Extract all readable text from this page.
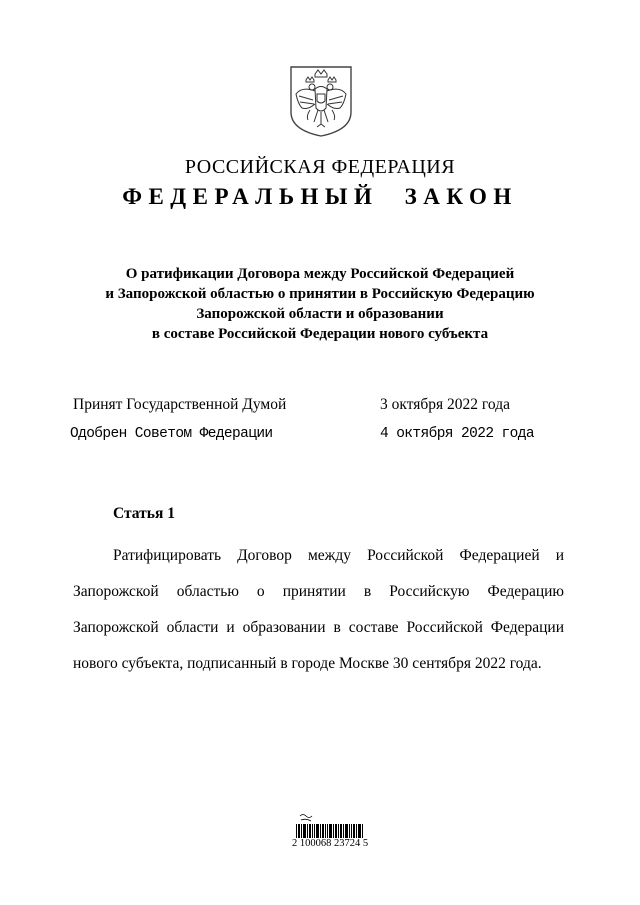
РОССИЙСКАЯ ФЕДЕРАЦИЯ
ФЕДЕРАЛЬНЫЙ ЗАКОН
О ратификации Договора между Российской Федерацией
и Запорожской областью о принятии в Российскую Федерацию
Запорожской области и образовании
в составе Российской Федерации нового субъекта
Принят Государственной Думой	3 октября 2022 года
Одобрен Советом Федерации	4 октября 2022 года
Статья 1
Ратифицировать Договор между Российской Федерацией и Запорожской областью о принятии в Российскую Федерацию Запорожской области и образовании в составе Российской Федерации нового субъекта, подписанный в городе Москве 30 сентября 2022 года.
2 100068 23724 5
